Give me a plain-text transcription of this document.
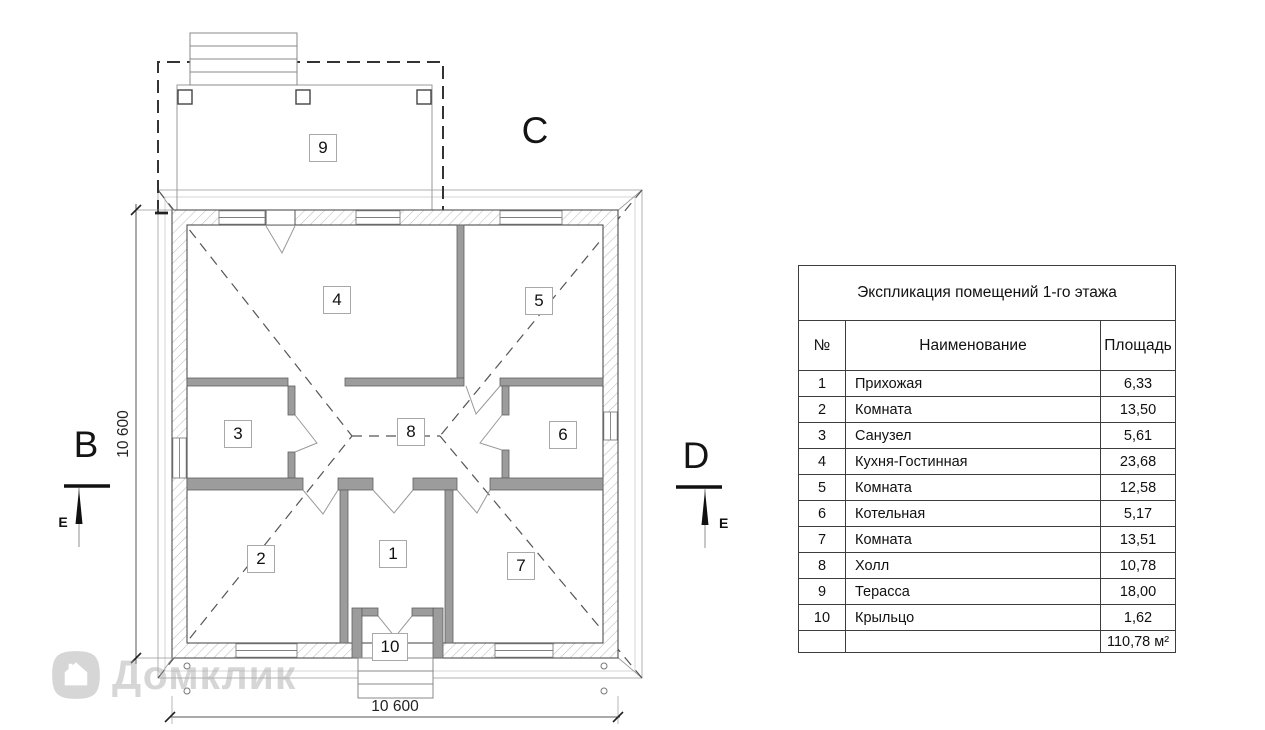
10 600
10 600
E	E
C
B	D
1
2
3
4	5
6
7
8
9
10
Экспликация помещений 1-го этажа		
№	Наименование	Площадь
1	Прихожая	6,33
2	Комната	13,50
3	Санузел	5,61
4	Кухня-Гостинная	23,68
5	Комната	12,58
6	Котельная	5,17
7	Комната	13,51
8	Холл	10,78
9	Терасса	18,00
10	Крыльцо	1,62
		110,78 м²
Домклик
